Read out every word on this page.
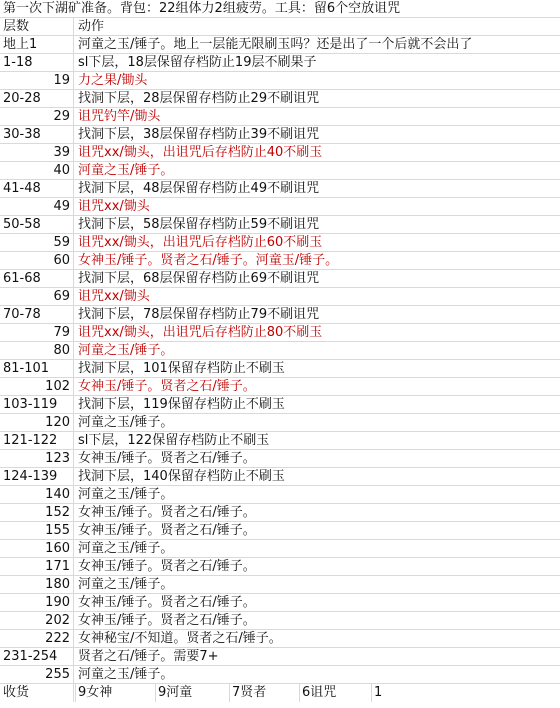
第一次下湖矿准备。背包：22组体力2组疲劳。工具：留6个空放诅咒
层数	动作
地上1	河童之玉/锤子。地上一层能无限刷玉吗？还是出了一个后就不会出了
1-18	sl下层，18层保留存档防止19层不刷果子
19 力之果/锄头
20-28	找洞下层，28层保留存档防止29不刷诅咒
29 诅咒钓竿/锄头
30-38	找洞下层，38层保留存档防止39不刷诅咒
39 诅咒xx/锄头，出诅咒后存档防止40不刷玉
40 河童之玉/锤子。
41-48	找洞下层，48层保留存档防止49不刷诅咒
49 诅咒xx/锄头
50-58	找洞下层，58层保留存档防止59不刷诅咒
59 诅咒xx/锄头，出诅咒后存档防止60不刷玉
60 女神玉/锤子。贤者之石/锤子。河童玉/锤子。
61-68	找洞下层，68层保留存档防止69不刷诅咒
69 诅咒xx/锄头
70-78	找洞下层，78层保留存档防止79不刷诅咒
79 诅咒xx/锄头，出诅咒后存档防止80不刷玉
80 河童之玉/锤子。
81-101	找洞下层，101保留存档防止不刷玉
102 女神玉/锤子。贤者之石/锤子。
103-119	找洞下层，119保留存档防止不刷玉
120 河童之玉/锤子。
121-122	sl下层，122保留存档防止不刷玉
123 女神玉/锤子。贤者之石/锤子。
124-139	找洞下层，140保留存档防止不刷玉
140 河童之玉/锤子。
152 女神玉/锤子。贤者之石/锤子。
155 女神玉/锤子。贤者之石/锤子。
160 河童之玉/锤子。
171 女神玉/锤子。贤者之石/锤子。
180 河童之玉/锤子。
190 女神玉/锤子。贤者之石/锤子。
202 女神玉/锤子。贤者之石/锤子。
222 女神秘宝/不知道。贤者之石/锤子。
231-254	贤者之石/锤子。需要7+
255 河童之玉/锤子。
收货	9女神	9河童	7贤者	6诅咒	1
